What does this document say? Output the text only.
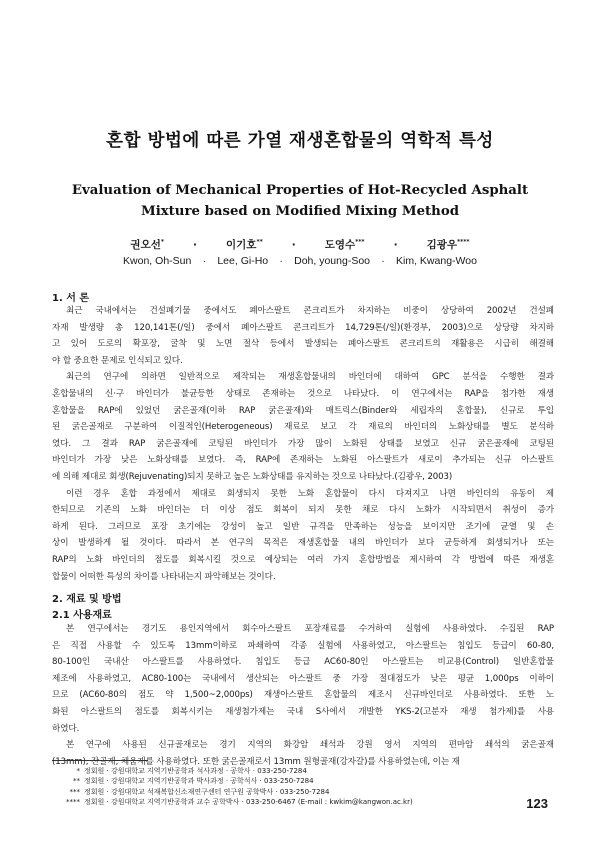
혼합 방법에 따른 가열 재생혼합물의 역학적 특성
Evaluation of Mechanical Properties of Hot-Recycled Asphalt
Mixture based on Modified Mixing Method
권오선*	·	이기호**	·	도영수***	·	김광우****
Kwon, Oh-Sun · Lee, Gi-Ho · Doh, young-Soo · Kim, Kwang-Woo
1. 서 론
최근 국내에서는 건설폐기물 중에서도 폐아스팔트 콘크리트가 차지하는 비중이 상당하여 2002년 건설폐
자재 발생량 총 120,141톤(/일) 중에서 폐아스팔트 콘크리트가 14,729톤(/일)(환경부, 2003)으로 상당량 차지하
고 있어 도로의 확포장, 굴착 및 노면 절삭 등에서 발생되는 폐아스팔트 콘크리트의 재활용은 시급히 해결해
야 할 중요한 문제로 인식되고 있다.
최근의 연구에 의하면 일반적으로 제작되는 재생혼합물내의 바인더에 대하여 GPC 분석을 수행한 결과
혼합물내의 신·구 바인더가 불균등한 상태로 존재하는 것으로 나타났다. 이 연구에서는 RAP을 첨가한 재생
혼합물을 RAP에 있었던 굵은골재(이하 RAP 굵은골재)와 매트릭스(Binder와 세립자의 혼합물), 신규로 투입
된 굵은골재로 구분하여 이질적인(Heterogeneous) 재료로 보고 각 재료의 바인더의 노화상태를 별도 분석하
였다. 그 결과 RAP 굵은골재에 코팅된 바인더가 가장 많이 노화된 상태를 보였고 신규 굵은골재에 코팅된
바인더가 가장 낮은 노화상태를 보였다. 즉, RAP에 존재하는 노화된 아스팔트가 새로이 추가되는 신규 아스팔트
에 의해 제대로 회생(Rejuvenating)되지 못하고 높은 노화상태를 유지하는 것으로 나타났다.(김광우, 2003)
이런 경우 혼합 과정에서 제대로 회생되지 못한 노화 혼합물이 다시 다져지고 나면 바인더의 유동이 제
한되므로 기존의 노화 바인더는 더 이상 점도 회복이 되지 못한 채로 다시 노화가 시작되면서 취성이 증가
하게 된다. 그러므로 포장 초기에는 강성이 높고 일반 규격을 만족하는 성능을 보이지만 조기에 균열 및 손
상이 발생하게 될 것이다. 따라서 본 연구의 목적은 재생혼합물 내의 바인더가 보다 균등하게 회생되거나 또는
RAP의 노화 바인더의 점도를 회복시킬 것으로 예상되는 여러 가지 혼합방법을 제시하여 각 방법에 따른 재생혼
합물이 어떠한 특성의 차이를 나타내는지 파악해보는 것이다.
2. 재료 및 방법
2.1 사용재료
본 연구에서는 경기도 용인지역에서 회수아스팔트 포장재료를 수거하여 실험에 사용하였다. 수집된 RAP
은 직접 사용할 수 있도록 13mm이하로 파쇄하여 각종 실험에 사용하였고, 아스팔트는 침입도 등급이 60-80,
80-100인 국내산 아스팔트를 사용하였다. 침입도 등급 AC60-80인 아스팔트는 비교용(Control) 일반혼합물
제조에 사용하였고, AC80-100는 국내에서 생산되는 아스팔트 중 가장 절대점도가 낮은 평균 1,000ps 이하이
므로 (AC60-80의 점도 약 1,500~2,000ps) 재생아스팔트 혼합물의 제조시 신규바인더로 사용하였다. 또한 노
화된 아스팔트의 점도를 회복시키는 재생첨가제는 국내 S사에서 개발한 YKS-2(고분자 재생 첨가제)를 사용
하였다.
본 연구에 사용된 신규골재로는 경기 지역의 화강암 쇄석과 강원 영서 지역의 편마암 쇄석의 굵은골재
(13mm), 잔골재, 채움재를 사용하였다. 또한 굵은골재로서 13mm 원형골재(강자갈)를 사용하였는데, 이는 재
* 정회원 · 강원대학교 지역기반공학과 석사과정 · 공학사 · 033-250-7284
** 정회원 · 강원대학교 지역기반공학과 박사과정 · 공학석사 · 033-250-7284
*** 정회원 · 강원대학교 석재복합신소재연구센터 연구원 공학박사 · 033-250-7284
**** 정회원 · 강원대학교 지역기반공학과 교수 공학박사 · 033-250-6467 (E-mail : kwkim@kangwon.ac.kr)	123
